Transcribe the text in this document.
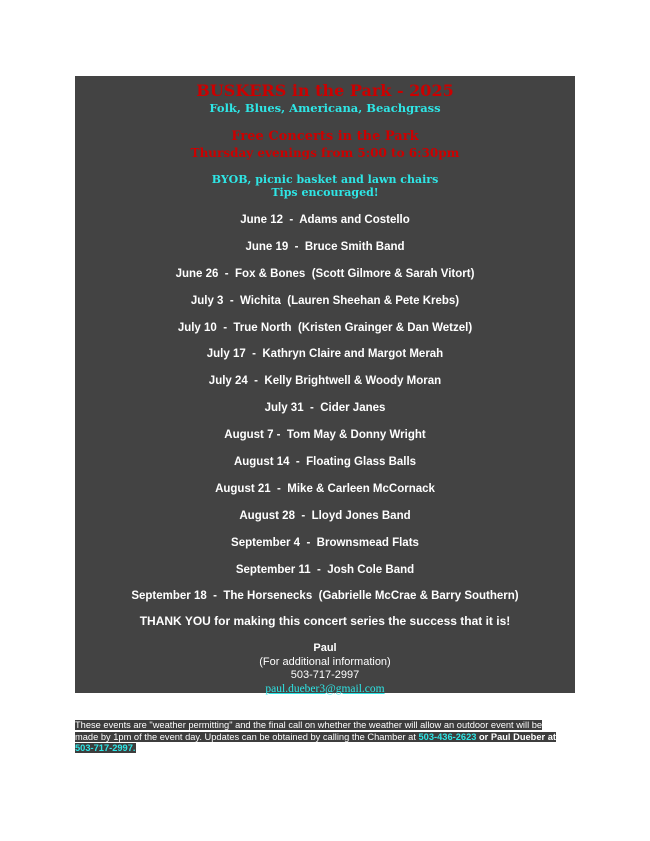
BUSKERS in the Park - 2025
Folk, Blues, Americana, Beachgrass
Free Concerts in the Park
Thursday evenings from 5:00 to 6:30pm
BYOB, picnic basket and lawn chairs
Tips encouraged!
June 12  -  Adams and Costello
June 19  -  Bruce Smith Band
June 26  -  Fox & Bones  (Scott Gilmore & Sarah Vitort)
July 3  -  Wichita  (Lauren Sheehan & Pete Krebs)
July 10  -  True North  (Kristen Grainger & Dan Wetzel)
July 17  -  Kathryn Claire and Margot Merah
July 24  -  Kelly Brightwell & Woody Moran
July 31  -  Cider Janes
August 7 -  Tom May & Donny Wright
August 14  -  Floating Glass Balls
August 21  -  Mike & Carleen McCornack
August 28  -  Lloyd Jones Band
September 4  -  Brownsmead Flats
September 11  -  Josh Cole Band
September 18  -  The Horsenecks  (Gabrielle McCrae & Barry Southern)
THANK YOU for making this concert series the success that it is!
Paul
(For additional information)
503-717-2997
paul.dueber3@gmail.com
These events are "weather permitting" and the final call on whether the weather will allow an outdoor event will be made by 1pm of the event day. Updates can be obtained by calling the Chamber at 503-436-2623 or Paul Dueber at 503-717-2997.
